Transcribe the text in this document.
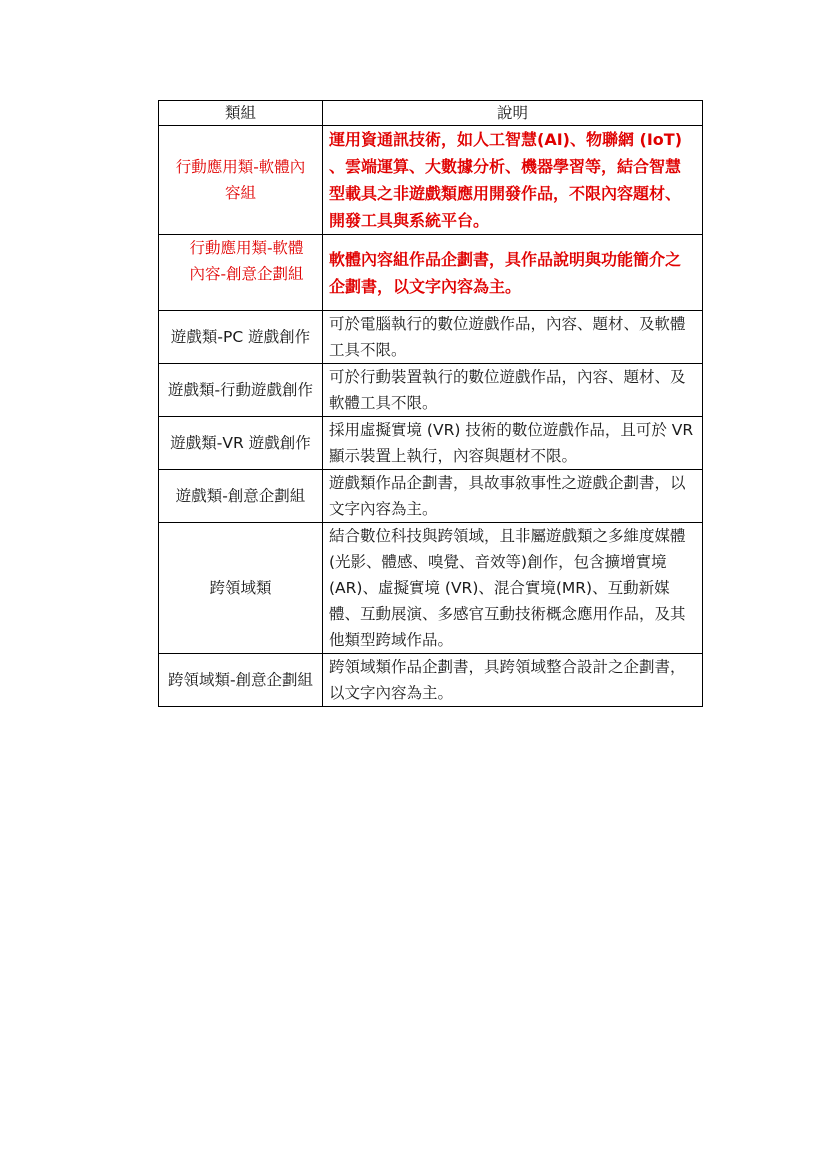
類組	說明
行動應用類-軟體內容組	運用資通訊技術，如人工智慧(AI)、物聯網 (IoT) 、雲端運算、大數據分析、機器學習等，結合智慧型載具之非遊戲類應用開發作品，不限內容題材、開發工具與系統平台。
行動應用類-軟體內容-創意企劃組	軟體內容組作品企劃書，具作品說明與功能簡介之企劃書，以文字內容為主。
遊戲類-PC 遊戲創作	可於電腦執行的數位遊戲作品，內容、題材、及軟體工具不限。
遊戲類-行動遊戲創作	可於行動裝置執行的數位遊戲作品，內容、題材、及軟體工具不限。
遊戲類-VR 遊戲創作	採用虛擬實境 (VR) 技術的數位遊戲作品，且可於 VR 顯示裝置上執行，內容與題材不限。
遊戲類-創意企劃組	遊戲類作品企劃書，具故事敘事性之遊戲企劃書，以文字內容為主。
跨領域類	結合數位科技與跨領域，且非屬遊戲類之多維度媒體 (光影、體感、嗅覺、音效等)創作，包含擴增實境 (AR)、虛擬實境 (VR)、混合實境(MR)、互動新媒體、互動展演、多感官互動技術概念應用作品，及其他類型跨域作品。
跨領域類-創意企劃組	跨領域類作品企劃書，具跨領域整合設計之企劃書，以文字內容為主。
